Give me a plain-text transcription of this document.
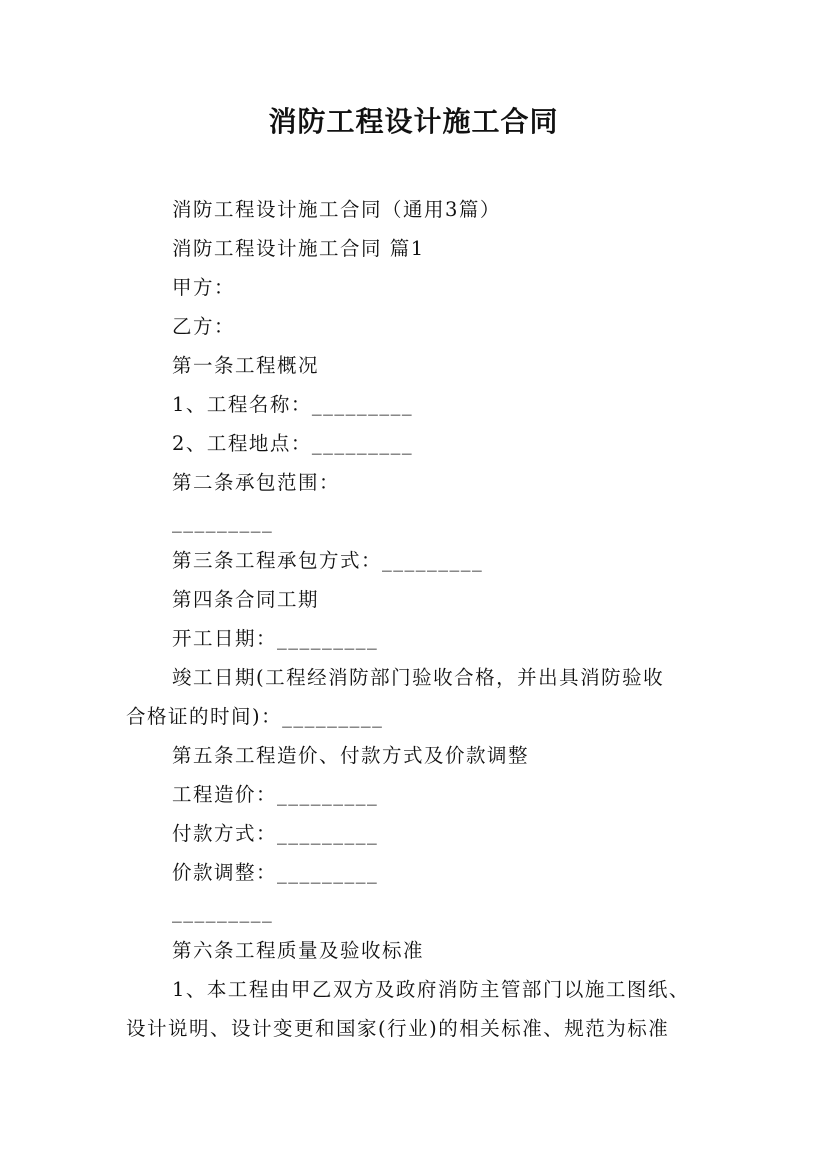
消防工程设计施工合同
消防工程设计施工合同（通用3篇）
消防工程设计施工合同 篇1
甲方：
乙方：
第一条工程概况
1、工程名称：_________
2、工程地点：_________
第二条承包范围：
_________
第三条工程承包方式：_________
第四条合同工期
开工日期：_________
竣工日期(工程经消防部门验收合格，并出具消防验收
合格证的时间)：_________
第五条工程造价、付款方式及价款调整
工程造价：_________
付款方式：_________
价款调整：_________
_________
第六条工程质量及验收标准
1、本工程由甲乙双方及政府消防主管部门以施工图纸、
设计说明、设计变更和国家(行业)的相关标准、规范为标准
